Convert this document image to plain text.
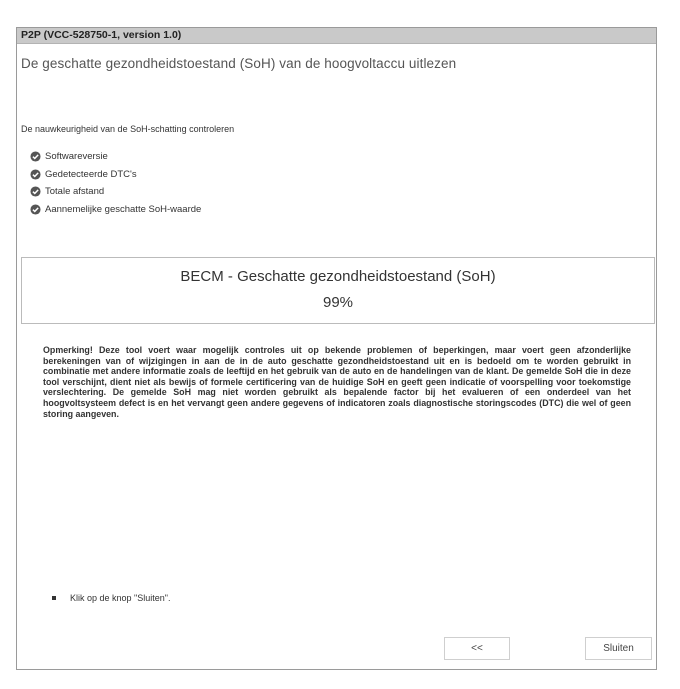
P2P (VCC-528750-1, version 1.0)
De geschatte gezondheidstoestand (SoH) van de hoogvoltaccu uitlezen
De nauwkeurigheid van de SoH-schatting controleren
Softwareversie
Gedetecteerde DTC's
Totale afstand
Aannemelijke geschatte SoH-waarde
BECM - Geschatte gezondheidstoestand (SoH)
99%
Opmerking! Deze tool voert waar mogelijk controles uit op bekende problemen of beperkingen, maar voert geen afzonderlijke berekeningen van of wijzigingen in aan de in de auto geschatte gezondheidstoestand uit en is bedoeld om te worden gebruikt in combinatie met andere informatie zoals de leeftijd en het gebruik van de auto en de handelingen van de klant. De gemelde SoH die in deze tool verschijnt, dient niet als bewijs of formele certificering van de huidige SoH en geeft geen indicatie of voorspelling voor toekomstige verslechtering. De gemelde SoH mag niet worden gebruikt als bepalende factor bij het evalueren of een onderdeel van het hoogvoltsysteem defect is en het vervangt geen andere gegevens of indicatoren zoals diagnostische storingscodes (DTC) die wel of geen storing aangeven.
Klik op de knop "Sluiten".
<<	Sluiten
